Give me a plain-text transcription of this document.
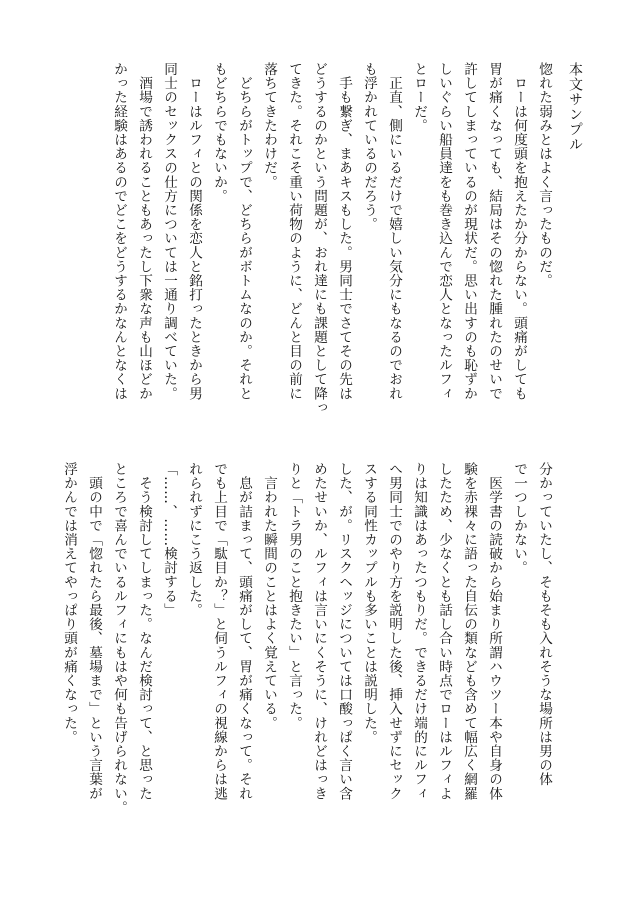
本文サンプル

惚れた弱みとはよく言ったものだ。

　ローは何度頭を抱えたか分からない。頭痛がしても

胃が痛くなっても、結局はその惚れた腫れたのせいで

許してしまっているのが現状だ。思い出すのも恥ずか

しいぐらい船員達をも巻き込んで恋人となったルフィ

とローだ。

　正直、側にいるだけで嬉しい気分にもなるのでおれ

も浮かれているのだろう。

　手も繋ぎ、まあキスもした。男同士でさてその先は

どうするのかという問題が、おれ達にも課題として降っ

てきた。それこそ重い荷物のように、どんと目の前に

落ちてきたわけだ。

　どちらがトップで、どちらがボトムなのか。それと

もどちらでもないか。

　ローはルフィとの関係を恋人と銘打ったときから男

同士のセックスの仕方については一通り調べていた。

　酒場で誘われることもあったし下衆な声も山ほどか

かった経験はあるのでどこをどうするかなんとなくは

分かっていたし、そもそも入れそうな場所は男の体

で一つしかない。

　医学書の読破から始まり所謂ハウツー本や自身の体

験を赤裸々に語った自伝の類なども含めて幅広く網羅

したため、少なくとも話し合い時点でローはルフィよ

りは知識はあったつもりだ。できるだけ端的にルフィ

へ男同士でのやり方を説明した後、挿入せずにセック

スする同性カップルも多いことは説明した。

した、が。リスクヘッジについては口酸っぱく言い含

めたせいか、ルフィは言いにくそうに、けれどはっき

りと「トラ男のこと抱きたい」と言った。

　言われた瞬間のことはよく覚えている。

　息が詰まって、頭痛がして、胃が痛くなって。それ

でも上目で「駄目か？」と伺うルフィの視線からは逃

れられずにこう返した。

「……、……検討する」

　そう検討してしまった。なんだ検討って、と思った

ところで喜んでいるルフィにもはや何も告げられない。

　頭の中で「惚れたら最後、墓場まで」という言葉が

浮かんでは消えてやっぱり頭が痛くなった。
